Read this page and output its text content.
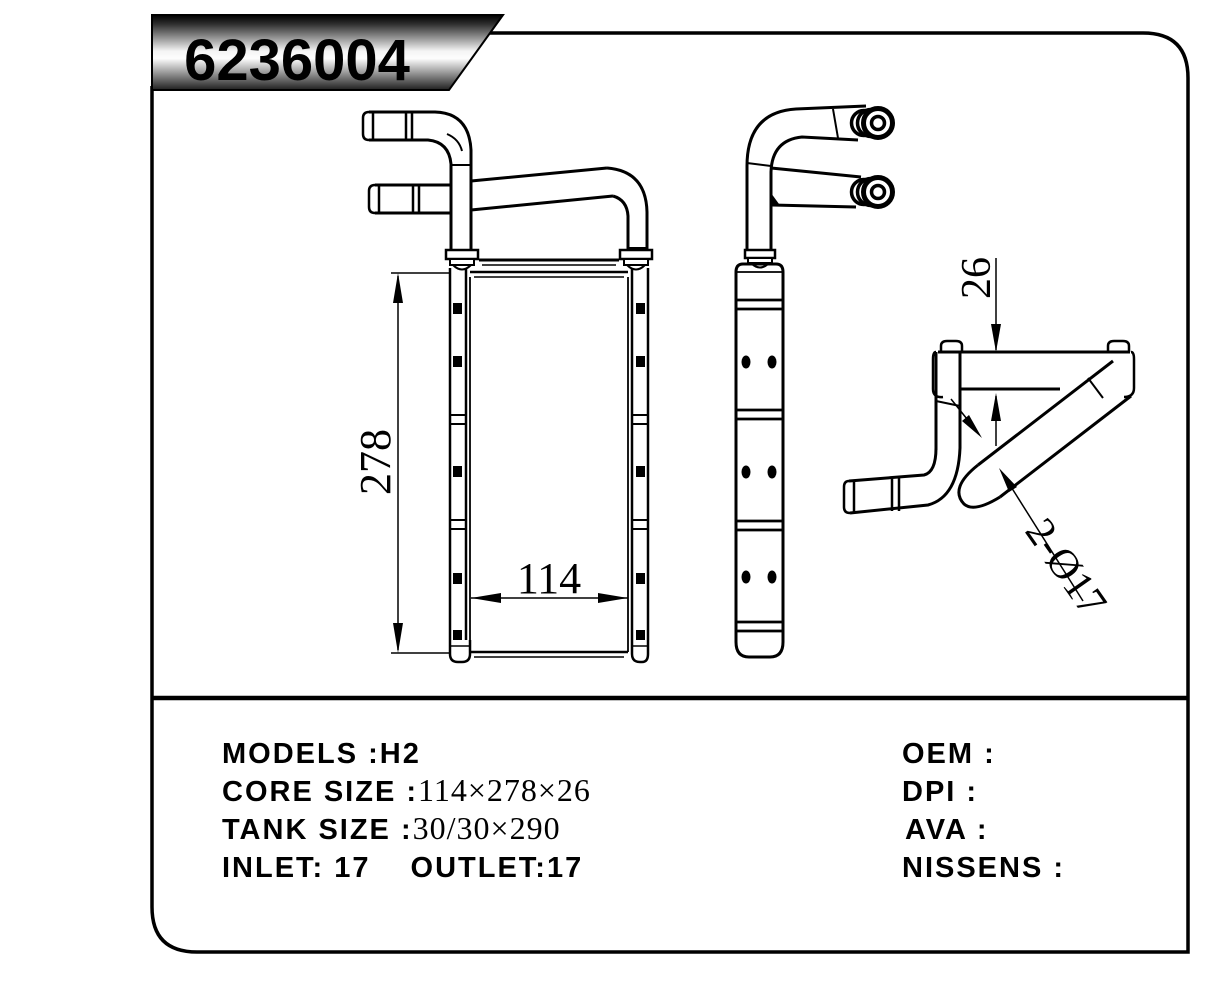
6236004
278
114
26
2-Ø17
MODELS :H2
CORE SIZE :114×278×26
TANK SIZE :30/30×290
INLET: 17 OUTLET:17
OEM :
DPI :
AVA :
NISSENS :
